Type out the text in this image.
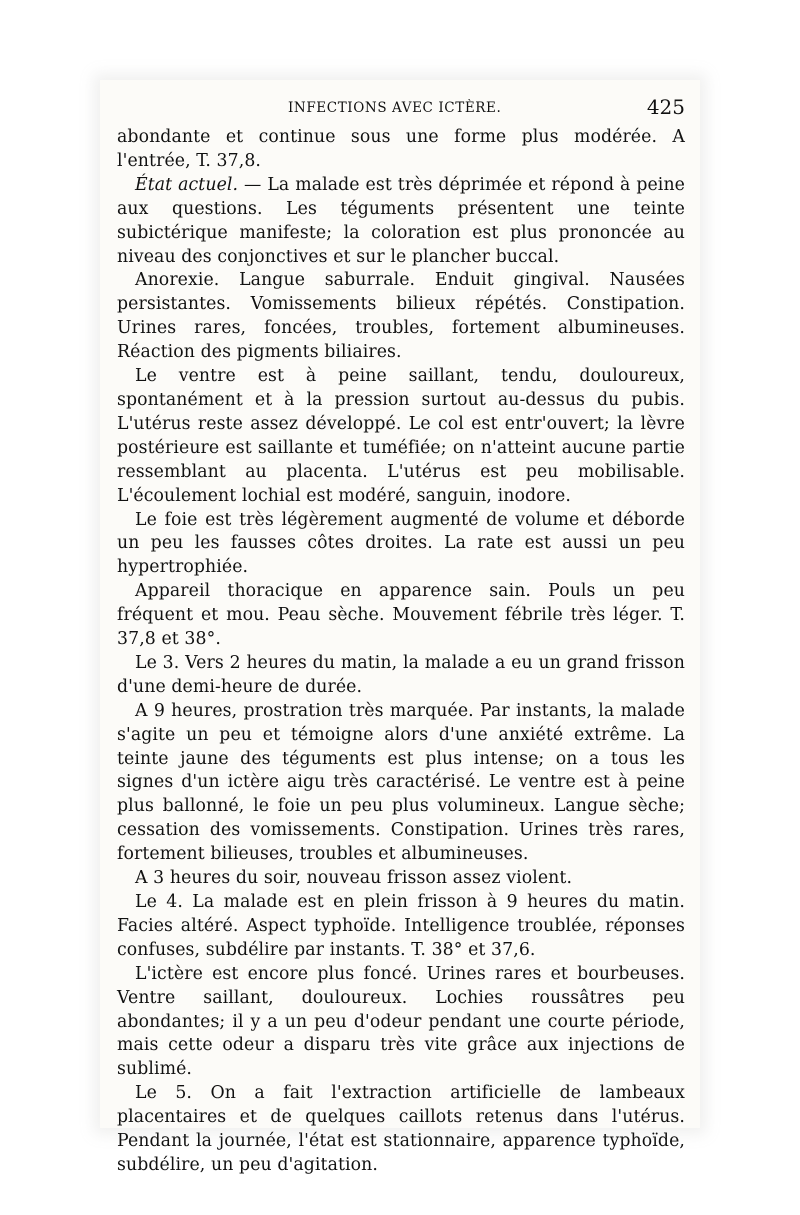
INFECTIONS AVEC ICTÈRE.	425

abondante et continue sous une forme plus modérée. A l'entrée, T. 37,8.

État actuel. — La malade est très déprimée et répond à peine aux questions. Les téguments présentent une teinte subictérique manifeste; la coloration est plus prononcée au niveau des conjonctives et sur le plancher buccal.

Anorexie. Langue saburrale. Enduit gingival. Nausées persistantes. Vomissements bilieux répétés. Constipation. Urines rares, foncées, troubles, fortement albumineuses. Réaction des pigments biliaires.

Le ventre est à peine saillant, tendu, douloureux, spontanément et à la pression surtout au-dessus du pubis. L'utérus reste assez développé. Le col est entr'ouvert; la lèvre postérieure est saillante et tuméfiée; on n'atteint aucune partie ressemblant au placenta. L'utérus est peu mobilisable. L'écoulement lochial est modéré, sanguin, inodore.

Le foie est très légèrement augmenté de volume et déborde un peu les fausses côtes droites. La rate est aussi un peu hypertrophiée.

Appareil thoracique en apparence sain. Pouls un peu fréquent et mou. Peau sèche. Mouvement fébrile très léger. T. 37,8 et 38°.

Le 3. Vers 2 heures du matin, la malade a eu un grand frisson d'une demi-heure de durée.

A 9 heures, prostration très marquée. Par instants, la malade s'agite un peu et témoigne alors d'une anxiété extrême. La teinte jaune des téguments est plus intense; on a tous les signes d'un ictère aigu très caractérisé. Le ventre est à peine plus ballonné, le foie un peu plus volumineux. Langue sèche; cessation des vomissements. Constipation. Urines très rares, fortement bilieuses, troubles et albumineuses.

A 3 heures du soir, nouveau frisson assez violent.

Le 4. La malade est en plein frisson à 9 heures du matin. Facies altéré. Aspect typhoïde. Intelligence troublée, réponses confuses, subdélire par instants. T. 38° et 37,6.

L'ictère est encore plus foncé. Urines rares et bourbeuses. Ventre saillant, douloureux. Lochies roussâtres peu abondantes; il y a un peu d'odeur pendant une courte période, mais cette odeur a disparu très vite grâce aux injections de sublimé.

Le 5. On a fait l'extraction artificielle de lambeaux placentaires et de quelques caillots retenus dans l'utérus. Pendant la journée, l'état est stationnaire, apparence typhoïde, subdélire, un peu d'agitation.
